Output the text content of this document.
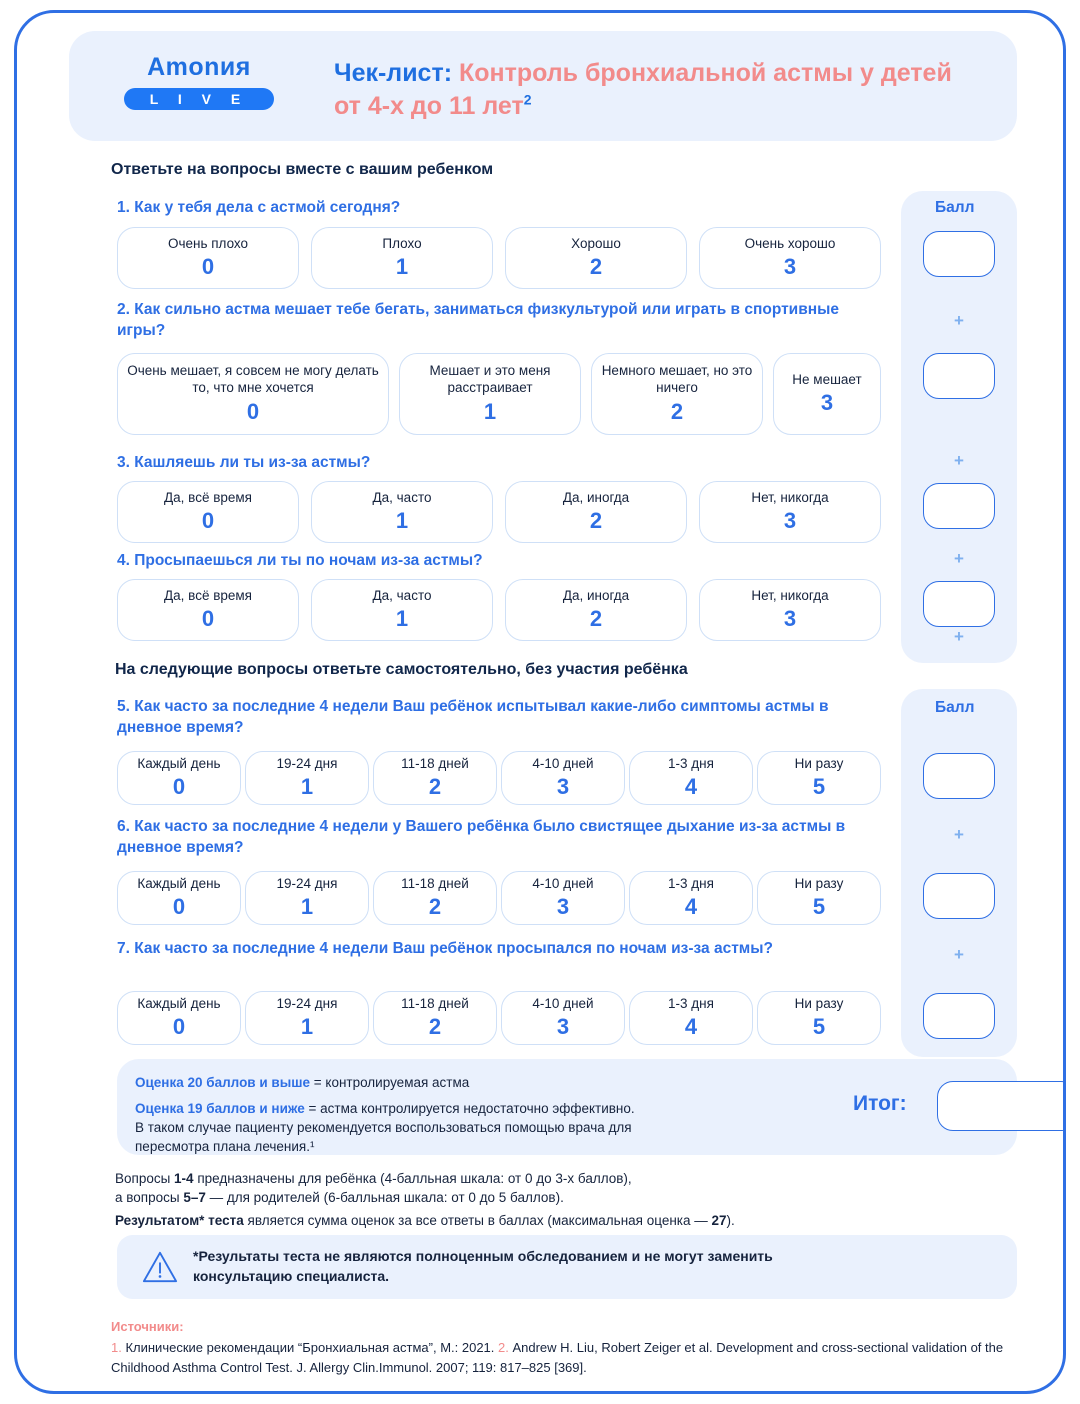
Amonия
L I V E
Чек-лист: Контроль бронхиальной астмы у детей от 4-х до 11 лет$^2$
Ответьте на вопросы вместе с вашим ребенком
1. Как у тебя дела с астмой сегодня?
Очень плохо
0
Плохо
1
Хорошо
2
Очень хорошо
3
2. Как сильно астма мешает тебе бегать, заниматься физкультурой или играть в спортивные игры?
Очень мешает, я совсем не могу делать то, что мне хочется
0
Мешает и это меня расстраивает
1
Немного мешает, но это ничего
2
Не мешает
3
3. Кашляешь ли ты из-за астмы?
Да, всё время
0
Да, часто
1
Да, иногда
2
Нет, никогда
3
4. Просыпаешься ли ты по ночам из-за астмы?
Да, всё время
0
Да, часто
1
Да, иногда
2
Нет, никогда
3
Балл
+
+
+
+
На следующие вопросы ответьте самостоятельно, без участия ребёнка
5. Как часто за последние 4 недели Ваш ребёнок испытывал какие-либо симптомы астмы в дневное время?
Каждый день
0
19-24 дня
1
11-18 дней
2
4-10 дней
3
1-3 дня
4
Ни разу
5
6. Как часто за последние 4 недели у Вашего ребёнка было свистящее дыхание из-за астмы в дневное время?
Каждый день
0
19-24 дня
1
11-18 дней
2
4-10 дней
3
1-3 дня
4
Ни разу
5
7. Как часто за последние 4 недели Ваш ребёнок просыпался по ночам из-за астмы?
Каждый день
0
19-24 дня
1
11-18 дней
2
4-10 дней
3
1-3 дня
4
Ни разу
5
Балл
+
+
Оценка 20 баллов и выше = контролируемая астма
Оценка 19 баллов и ниже = астма контролируется недостаточно эффективно.
В таком случае пациенту рекомендуется воспользоваться помощью врача для
пересмотра плана лечения.¹
Итог:
Вопросы 1-4 предназначены для ребёнка (4-балльная шкала: от 0 до 3-х баллов),
а вопросы 5–7 — для родителей (6-балльная шкала: от 0 до 5 баллов).
Результатом* теста является сумма оценок за все ответы в баллах (максимальная оценка — 27).
*Результаты теста не являются полноценным обследованием и не могут заменить
консультацию специалиста.
Источники:
1. Клинические рекомендации “Бронхиальная астма”, М.: 2021. 2. Andrew H. Liu, Robert Zeiger et al. Development and cross-sectional validation of the Childhood Asthma Control Test. J. Allergy Clin.Immunol. 2007; 119: 817–825 [369].
